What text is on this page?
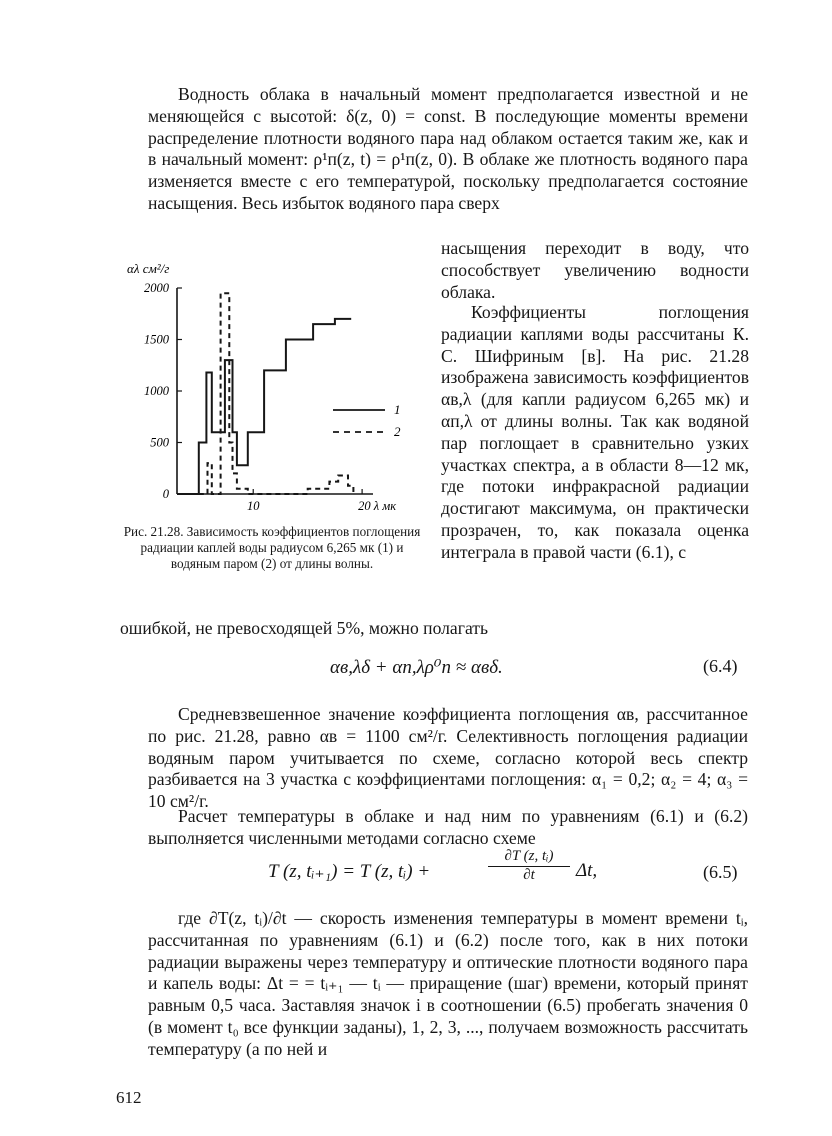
Водность облака в начальный момент предполагается известной и не меняющейся с высотой: δ(z, 0) = const. В последующие моменты времени распределение плотности водяного пара над облаком остается таким же, как и в начальный момент: ρ¹п(z, t) = ρ¹п(z, 0). В облаке же плотность водяного пара изменяется вместе с его температурой, поскольку предполагается состояние насыщения. Весь избыток водяного пара сверх

насыщения переходит в воду, что способствует увеличению водности облака.

Коэффициенты поглощения радиации каплями воды рассчитаны К. С. Шифриным [в]. На рис. 21.28 изображена зависимость коэффициентов αв,λ (для капли радиусом 6,265 мк) и αп,λ от длины волны. Так как водяной пар поглощает в сравнительно узких участках спектра, а в области 8—12 мк, где потоки инфракрасной радиации достигают максимума, он практически прозрачен, то, как показала оценка интеграла в правой части (6.1), с

ошибкой, не превосходящей 5%, можно полагать
αλ см²/г
2000
1500
1000
500
0
10	20 λ мк
1
2

Рис. 21.28. Зависимость коэффициентов поглощения радиации каплей воды радиусом 6,265 мк (1) и водяным паром (2) от длины волны.

αв,λδ + αп,λρ⁰п ≈ αвδ.	(6.4)

Средневзвешенное значение коэффициента поглощения αв, рассчитанное по рис. 21.28, равно αв = 1100 см²/г. Селективность поглощения радиации водяным паром учитывается по схеме, согласно которой весь спектр разбивается на 3 участка с коэффициентами поглощения: α₁ = 0,2; α₂ = 4; α₃ = 10 см²/г.

Расчет температуры в облаке и над ним по уравнениям (6.1) и (6.2) выполняется численными методами согласно схеме

T (z, tᵢ₊₁) = T (z, tᵢ) +	$\frac{\text{∂T (z, tᵢ)}}{\partial t} \Delta t$,	(6.5)

где ∂T(z, tᵢ)/∂t — скорость изменения температуры в момент времени tᵢ, рассчитанная по уравнениям (6.1) и (6.2) после того, как в них потоки радиации выражены через температуру и оптические плотности водяного пара и капель воды: Δt = = tᵢ₊₁ — tᵢ — приращение (шаг) времени, который принят равным 0,5 часа. Заставляя значок i в соотношении (6.5) пробегать значения 0 (в момент t₀ все функции заданы), 1, 2, 3, ..., получаем возможность рассчитать температуру (а по ней и

612
